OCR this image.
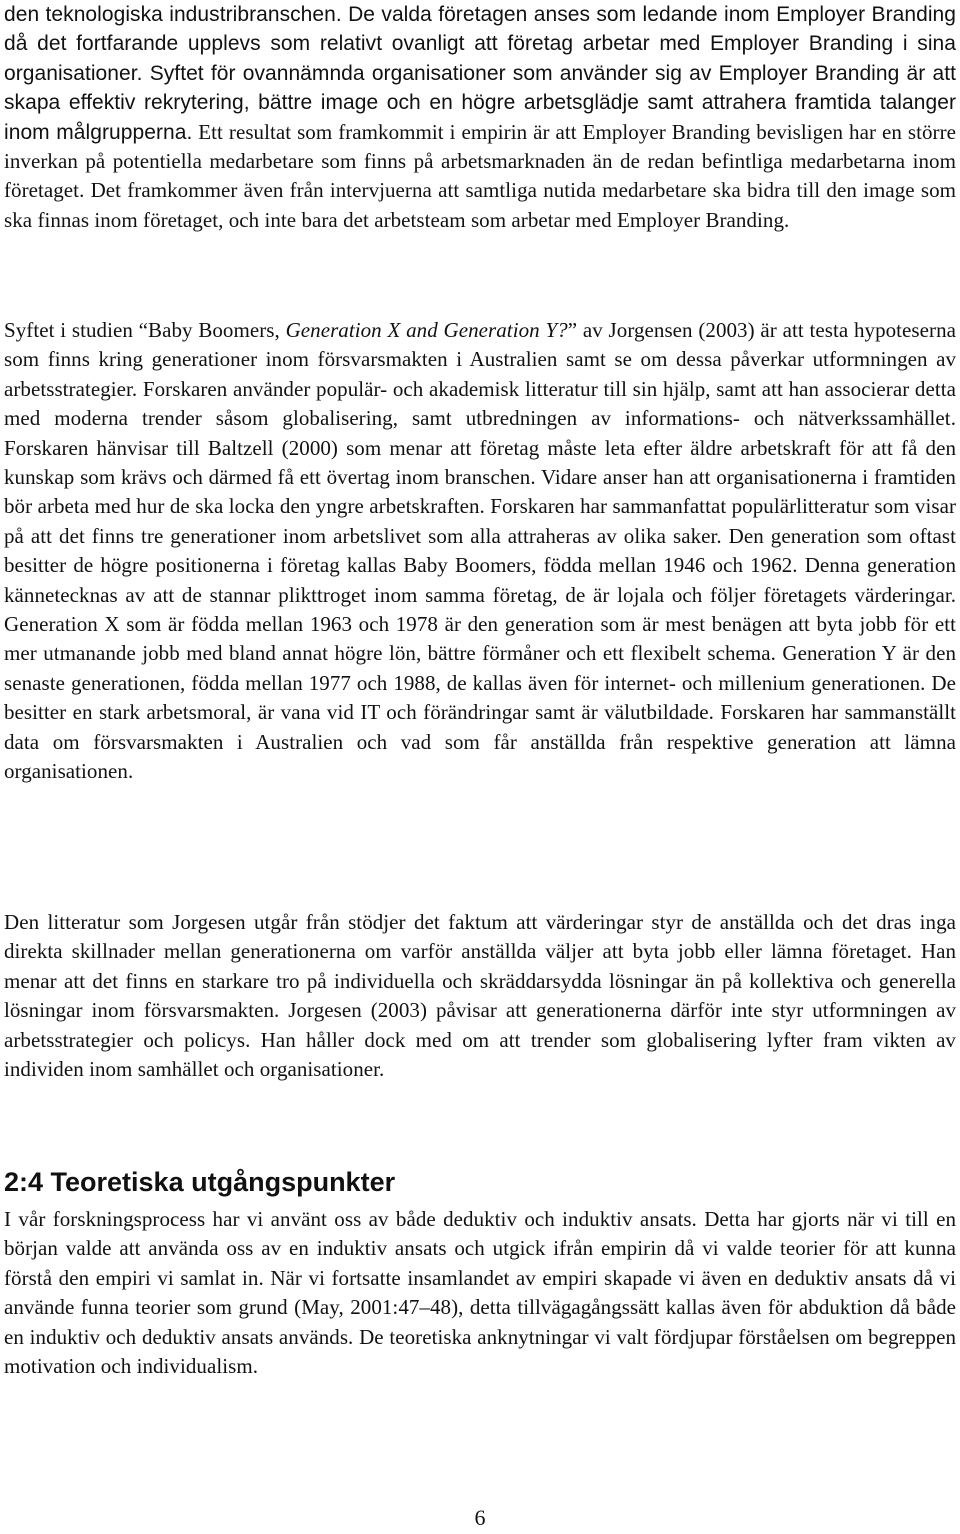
den teknologiska industribranschen. De valda företagen anses som ledande inom Employer Branding då det fortfarande upplevs som relativt ovanligt att företag arbetar med Employer Branding i sina organisationer. Syftet för ovannämnda organisationer som använder sig av Employer Branding är att skapa effektiv rekrytering, bättre image och en högre arbetsglädje samt attrahera framtida talanger inom målgrupperna. Ett resultat som framkommit i empirin är att Employer Branding bevisligen har en större inverkan på potentiella medarbetare som finns på arbetsmarknaden än de redan befintliga medarbetarna inom företaget. Det framkommer även från intervjuerna att samtliga nutida medarbetare ska bidra till den image som ska finnas inom företaget, och inte bara det arbetsteam som arbetar med Employer Branding.

Syftet i studien “Baby Boomers, Generation X and Generation Y?” av Jorgensen (2003) är att testa hypoteserna som finns kring generationer inom försvarsmakten i Australien samt se om dessa påverkar utformningen av arbetsstrategier. Forskaren använder populär- och akademisk litteratur till sin hjälp, samt att han associerar detta med moderna trender såsom globalisering, samt utbredningen av informations- och nätverkssamhället. Forskaren hänvisar till Baltzell (2000) som menar att företag måste leta efter äldre arbetskraft för att få den kunskap som krävs och därmed få ett övertag inom branschen. Vidare anser han att organisationerna i framtiden bör arbeta med hur de ska locka den yngre arbetskraften. Forskaren har sammanfattat populärlitteratur som visar på att det finns tre generationer inom arbetslivet som alla attraheras av olika saker. Den generation som oftast besitter de högre positionerna i företag kallas Baby Boomers, födda mellan 1946 och 1962. Denna generation kännetecknas av att de stannar plikttroget inom samma företag, de är lojala och följer företagets värderingar. Generation X som är födda mellan 1963 och 1978 är den generation som är mest benägen att byta jobb för ett mer utmanande jobb med bland annat högre lön, bättre förmåner och ett flexibelt schema. Generation Y är den senaste generationen, födda mellan 1977 och 1988, de kallas även för internet- och millenium generationen. De besitter en stark arbetsmoral, är vana vid IT och förändringar samt är välutbildade. Forskaren har sammanställt data om försvarsmakten i Australien och vad som får anställda från respektive generation att lämna organisationen.

Den litteratur som Jorgesen utgår från stödjer det faktum att värderingar styr de anställda och det dras inga direkta skillnader mellan generationerna om varför anställda väljer att byta jobb eller lämna företaget. Han menar att det finns en starkare tro på individuella och skräddarsydda lösningar än på kollektiva och generella lösningar inom försvarsmakten. Jorgesen (2003) påvisar att generationerna därför inte styr utformningen av arbetsstrategier och policys. Han håller dock med om att trender som globalisering lyfter fram vikten av individen inom samhället och organisationer.

2:4 Teoretiska utgångspunkter

I vår forskningsprocess har vi använt oss av både deduktiv och induktiv ansats. Detta har gjorts när vi till en början valde att använda oss av en induktiv ansats och utgick ifrån empirin då vi valde teorier för att kunna förstå den empiri vi samlat in. När vi fortsatte insamlandet av empiri skapade vi även en deduktiv ansats då vi använde funna teorier som grund (May, 2001:47–48), detta tillvägagångssätt kallas även för abduktion då både en induktiv och deduktiv ansats används. De teoretiska anknytningar vi valt fördjupar förståelsen om begreppen motivation och individualism.

6
